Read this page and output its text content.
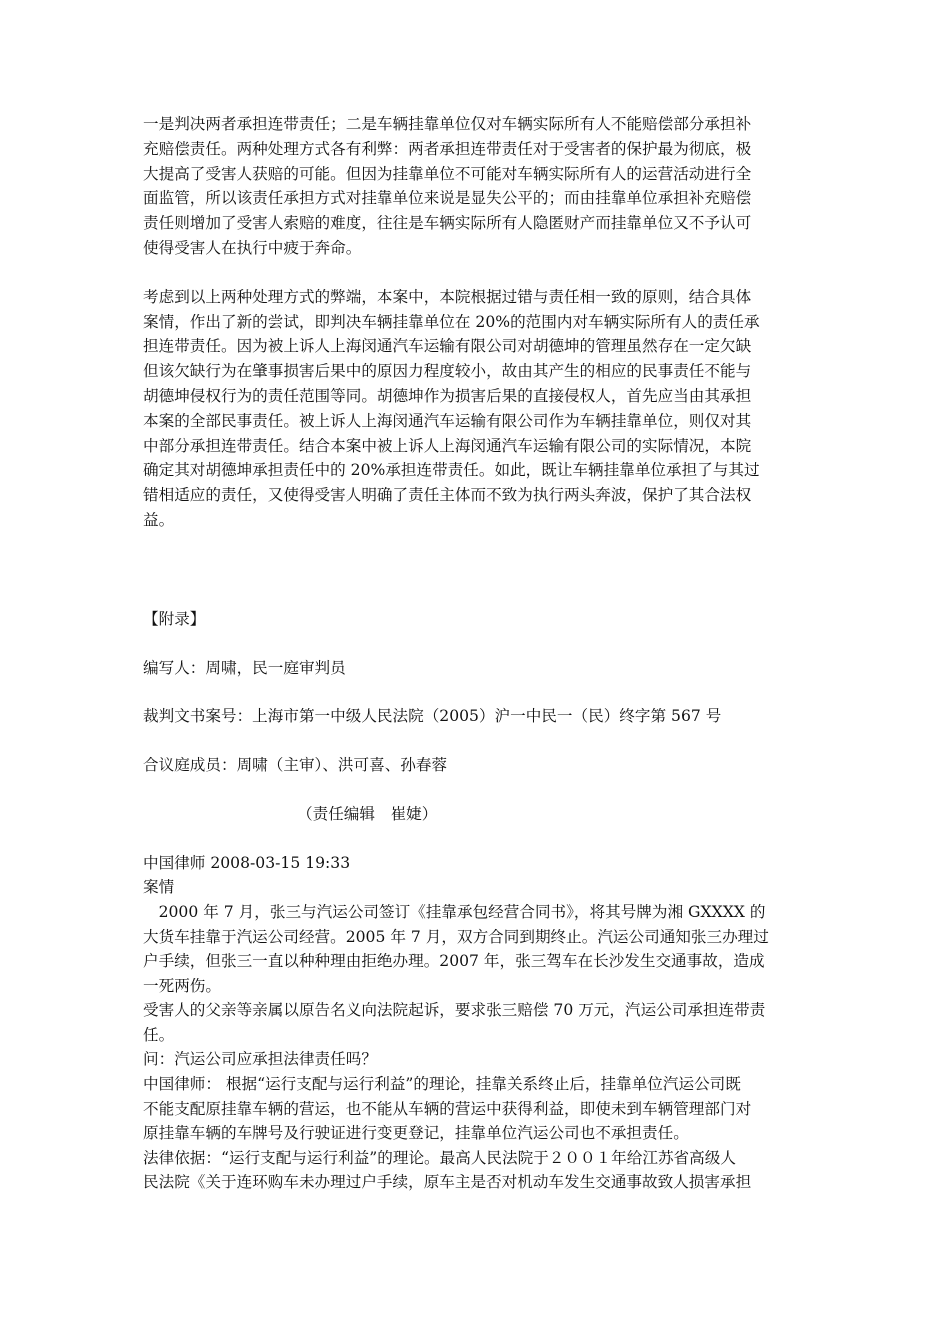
一是判决两者承担连带责任；二是车辆挂靠单位仅对车辆实际所有人不能赔偿部分承担补
充赔偿责任。两种处理方式各有利弊：两者承担连带责任对于受害者的保护最为彻底，极
大提高了受害人获赔的可能。但因为挂靠单位不可能对车辆实际所有人的运营活动进行全
面监管，所以该责任承担方式对挂靠单位来说是显失公平的；而由挂靠单位承担补充赔偿
责任则增加了受害人索赔的难度，往往是车辆实际所有人隐匿财产而挂靠单位又不予认可
使得受害人在执行中疲于奔命。
考虑到以上两种处理方式的弊端，本案中，本院根据过错与责任相一致的原则，结合具体
案情，作出了新的尝试，即判决车辆挂靠单位在 20%的范围内对车辆实际所有人的责任承
担连带责任。因为被上诉人上海闵通汽车运输有限公司对胡德坤的管理虽然存在一定欠缺
但该欠缺行为在肇事损害后果中的原因力程度较小，故由其产生的相应的民事责任不能与
胡德坤侵权行为的责任范围等同。胡德坤作为损害后果的直接侵权人，首先应当由其承担
本案的全部民事责任。被上诉人上海闵通汽车运输有限公司作为车辆挂靠单位，则仅对其
中部分承担连带责任。结合本案中被上诉人上海闵通汽车运输有限公司的实际情况，本院
确定其对胡德坤承担责任中的 20%承担连带责任。如此，既让车辆挂靠单位承担了与其过
错相适应的责任，又使得受害人明确了责任主体而不致为执行两头奔波，保护了其合法权
益。
【附录】
编写人：周啸，民一庭审判员
裁判文书案号：上海市第一中级人民法院（2005）沪一中民一（民）终字第 567 号
合议庭成员：周啸（主审）、洪可喜、孙春蓉
（责任编辑　崔婕）
中国律师 2008-03-15 19:33
案情
　2000 年 7 月，张三与汽运公司签订《挂靠承包经营合同书》，将其号牌为湘 GXXXX 的
大货车挂靠于汽运公司经营。2005 年 7 月，双方合同到期终止。汽运公司通知张三办理过
户手续，但张三一直以种种理由拒绝办理。2007 年，张三驾车在长沙发生交通事故，造成
一死两伤。
受害人的父亲等亲属以原告名义向法院起诉，要求张三赔偿 70 万元，汽运公司承担连带责
任。
问：汽运公司应承担法律责任吗？
中国律师： 根据“运行支配与运行利益”的理论，挂靠关系终止后，挂靠单位汽运公司既
不能支配原挂靠车辆的营运，也不能从车辆的营运中获得利益，即使未到车辆管理部门对
原挂靠车辆的车牌号及行驶证进行变更登记，挂靠单位汽运公司也不承担责任。
法律依据：“运行支配与运行利益”的理论。最高人民法院于２００１年给江苏省高级人
民法院《关于连环购车未办理过户手续，原车主是否对机动车发生交通事故致人损害承担
